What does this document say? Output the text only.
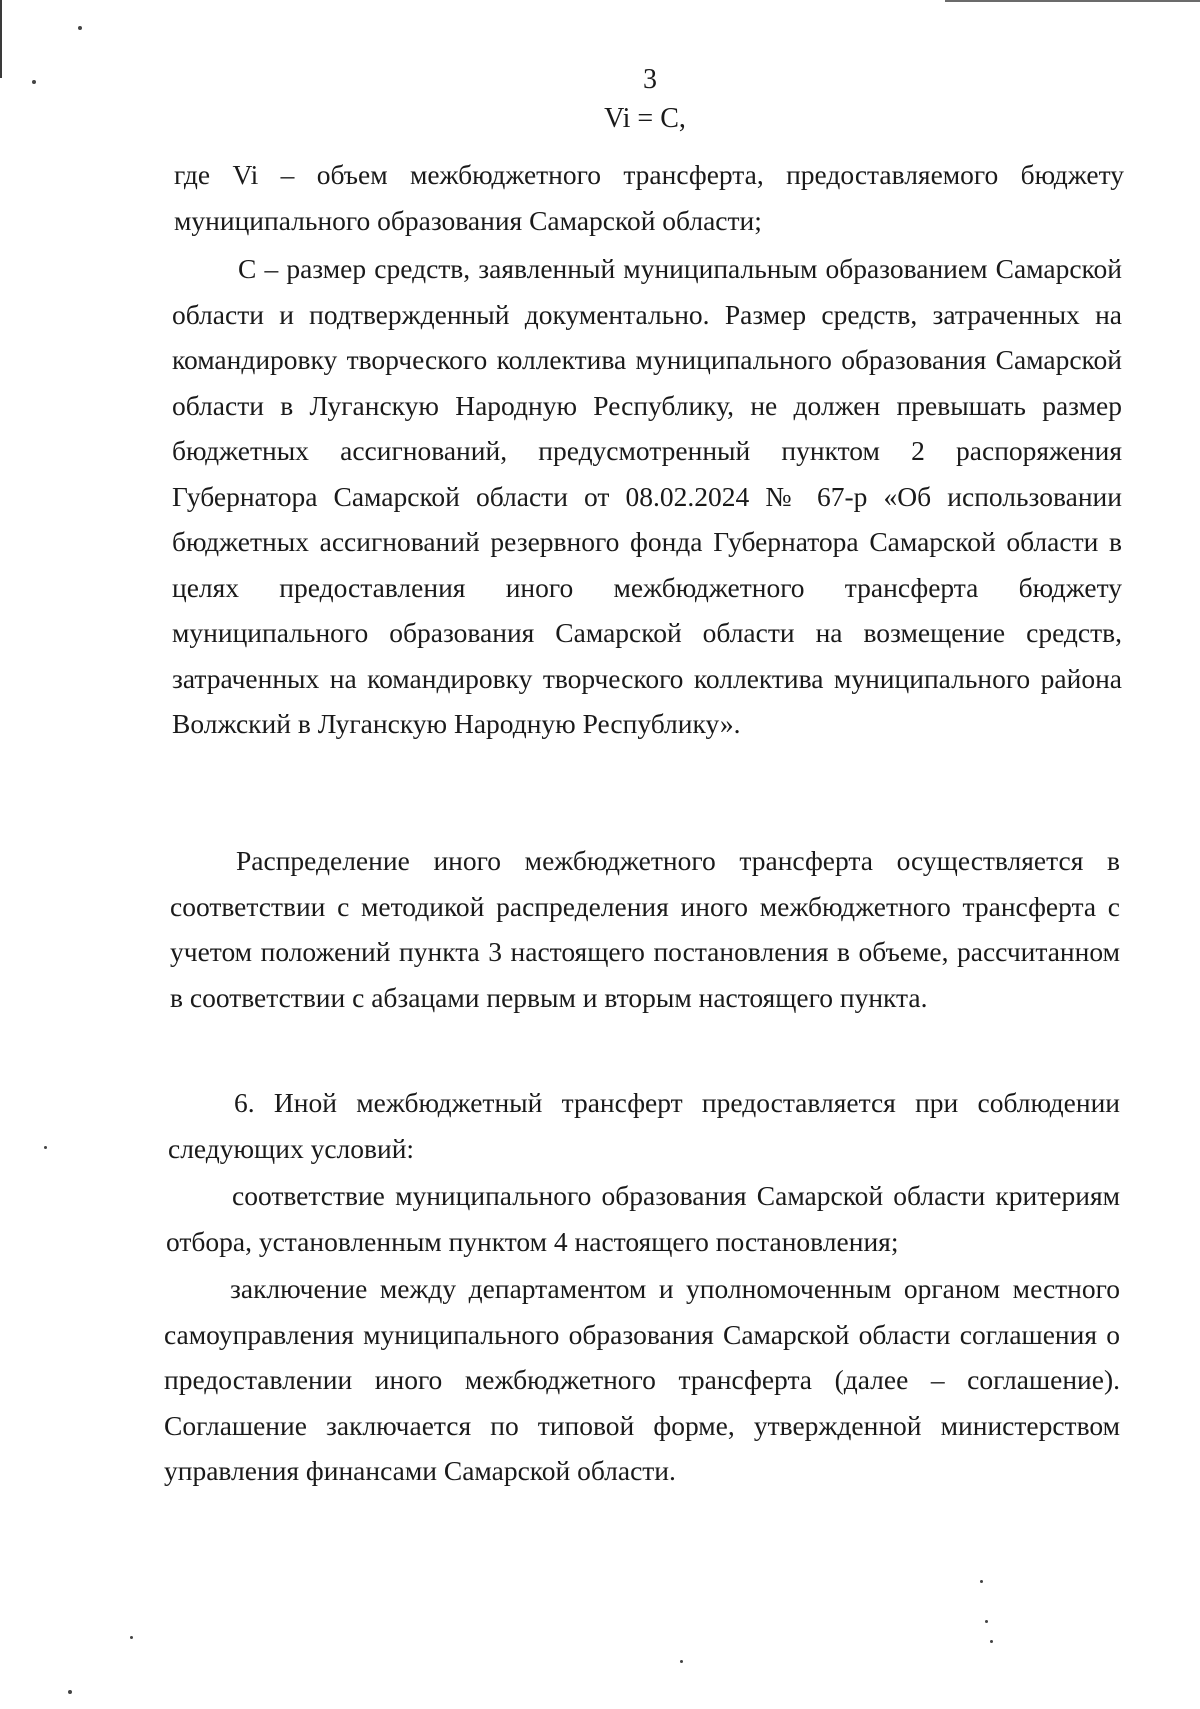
3
Vi = C,

где Vi – объем межбюджетного трансферта, предоставляемого бюджету муниципального образования Самарской области;

С – размер средств, заявленный муниципальным образованием Самарской области и подтвержденный документально. Размер средств, затраченных на командировку творческого коллектива муниципального образования Самарской области в Луганскую Народную Республику, не должен превышать размер бюджетных ассигнований, предусмотренный пунктом 2 распоряжения Губернатора Самарской области от 08.02.2024 № 67-р «Об использовании бюджетных ассигнований резервного фонда Губернатора Самарской области в целях предоставления иного межбюджетного трансферта бюджету муниципального образования Самарской области на возмещение средств, затраченных на командировку творческого коллектива муниципального района Волжский в Луганскую Народную Республику».

Распределение иного межбюджетного трансферта осуществляется в соответствии с методикой распределения иного межбюджетного трансферта с учетом положений пункта 3 настоящего постановления в объеме, рассчитанном в соответствии с абзацами первым и вторым настоящего пункта.

6. Иной межбюджетный трансферт предоставляется при соблюдении следующих условий:

соответствие муниципального образования Самарской области критериям отбора, установленным пунктом 4 настоящего постановления;

заключение между департаментом и уполномоченным органом местного самоуправления муниципального образования Самарской области соглашения о предоставлении иного межбюджетного трансферта (далее – соглашение). Соглашение заключается по типовой форме, утвержденной министерством управления финансами Самарской области.
